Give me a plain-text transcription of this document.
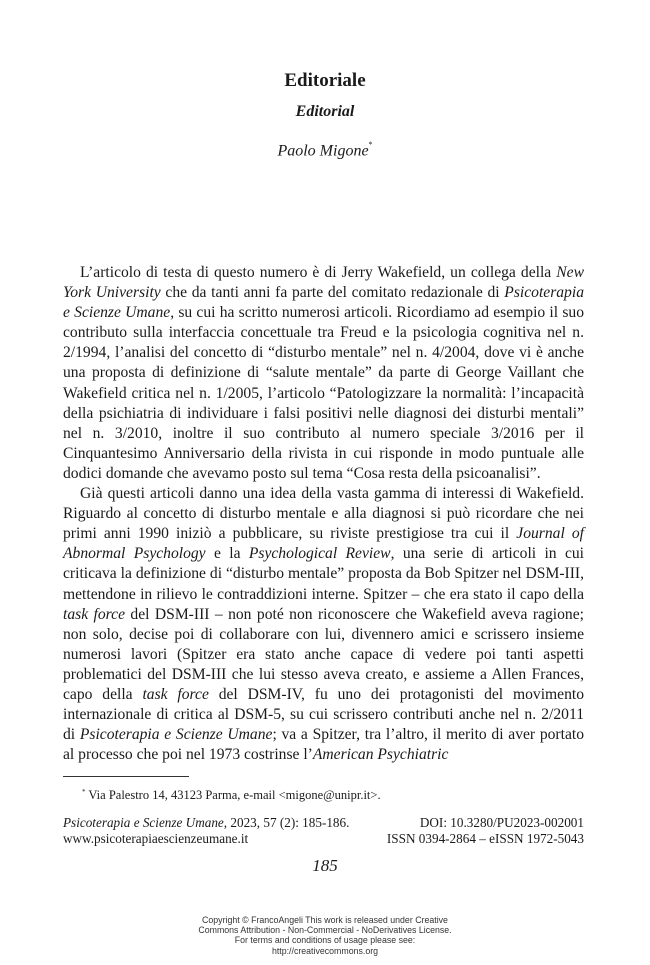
Editoriale
Editorial
Paolo Migone*

L’articolo di testa di questo numero è di Jerry Wakefield, un collega della New York University che da tanti anni fa parte del comitato redazionale di Psicoterapia e Scienze Umane, su cui ha scritto numerosi articoli. Ricordiamo ad esempio il suo contributo sulla interfaccia concettuale tra Freud e la psicologia cognitiva nel n. 2/1994, l’analisi del concetto di “disturbo mentale” nel n. 4/2004, dove vi è anche una proposta di definizione di “salute mentale” da parte di George Vaillant che Wakefield critica nel n. 1/2005, l’articolo “Patologizzare la normalità: l’incapacità della psichiatria di individuare i falsi positivi nelle diagnosi dei disturbi mentali” nel n. 3/2010, inoltre il suo contributo al numero speciale 3/2016 per il Cinquantesimo Anniversario della rivista in cui risponde in modo puntuale alle dodici domande che avevamo posto sul tema “Cosa resta della psicoanalisi”.

Già questi articoli danno una idea della vasta gamma di interessi di Wakefield. Riguardo al concetto di disturbo mentale e alla diagnosi si può ricordare che nei primi anni 1990 iniziò a pubblicare, su riviste prestigiose tra cui il Journal of Abnormal Psychology e la Psychological Review, una serie di articoli in cui criticava la definizione di “disturbo mentale” proposta da Bob Spitzer nel DSM-III, mettendone in rilievo le contraddizioni interne. Spitzer – che era stato il capo della task force del DSM-III – non poté non riconoscere che Wakefield aveva ragione; non solo, decise poi di collaborare con lui, divennero amici e scrissero insieme numerosi lavori (Spitzer era stato anche capace di vedere poi tanti aspetti problematici del DSM-III che lui stesso aveva creato, e assieme a Allen Frances, capo della task force del DSM-IV, fu uno dei protagonisti del movimento internazionale di critica al DSM-5, su cui scrissero contributi anche nel n. 2/2011 di Psicoterapia e Scienze Umane; va a Spitzer, tra l’altro, il merito di aver portato al processo che poi nel 1973 costrinse l’American Psychiatric

* Via Palestro 14, 43123 Parma, e-mail <migone@unipr.it>.
Psicoterapia e Scienze Umane, 2023, 57 (2): 185-186.	DOI: 10.3280/PU2023-002001
www.psicoterapiaescienzeumane.it	ISSN 0394-2864 – eISSN 1972-5043
185
Copyright © FrancoAngeli This work is released under Creative
Commons Attribution - Non-Commercial - NoDerivatives License.
For terms and conditions of usage please see:
http://creativecommons.org
